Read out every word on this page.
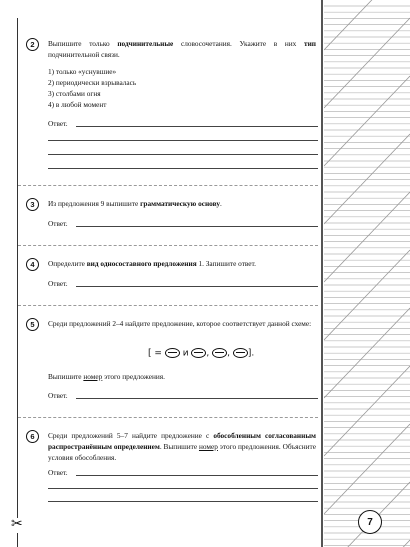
✂
2	Выпишите только подчинительные словосочетания. Укажите в них тип подчинительной связи.
1) только «уснувшие»
2) периодически взрывалась
3) столбами огня
4) в любой момент
Ответ.
3	Из предложения 9 выпишите грамматическую основу.
Ответ.
4	Определите вид односоставного предложения 1. Запишите ответ.
Ответ.
5	Среди предложений 2–4 найдите предложение, которое соответствует данной схеме:
[ = и , , ].
Выпишите номер этого предложения.
Ответ.
6	Среди предложений 5–7 найдите предложение с обособленным согласованным распространённым определением. Выпишите номер этого предложения. Объясните условия обособления.
Ответ.
7
